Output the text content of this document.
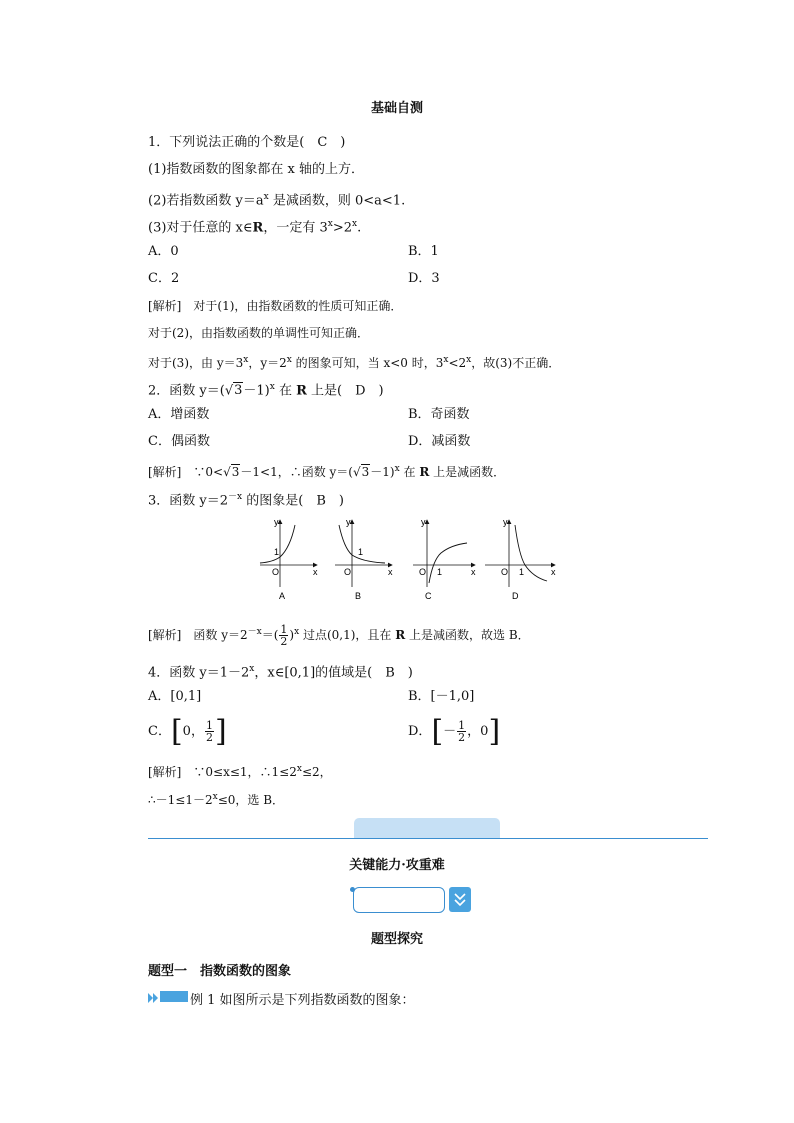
基础自测
1．下列说法正确的个数是(　C　)
(1)指数函数的图象都在 x 轴的上方．
(2)若指数函数 $y=a^x$ 是减函数，则 0<a<1.
(3)对于任意的 x∈R，一定有 $3^x>2^x$.
A．0	B．1
C．2	D．3
[解析]　 对于(1)，由指数函数的性质可知正确．
对于(2)，由指数函数的单调性可知正确．
对于(3)，由 $y=3^x$，$y=2^x$ 的图象可知，当 x<0 时，$3^x<2^x$，故(3)不正确．
2．函数 $y=(√3-1)^x$ 在 R 上是(　D　)
A．增函数	B．奇函数
C．偶函数	D．减函数
[解析]　 ∵0<√3－1<1，∴函数 $y=(√3-1)^x$ 在 R 上是减函数．
3．函数 $y=2^{-x}$ 的图象是(　B　)
y
x
1
O
A
y
x
1
O
B
y
x
1
O
C
y
x
1
O
D
[解析]　 函数 $y=2^{-x}=( \frac{1}{2} )^x$ 过点(0,1)，且在 R 上是减函数，故选 B．
4．函数 $y=1-2^x$，x∈[0,1]的值域是(　B　)
A．[0,1]	B．[－1,0]
C．[0， $\frac{1}{2}$ ]	D．[－ $\frac{1}{2}$ ，0]
[解析]　 ∵0≤x≤1，$\therefore 1\le 2^x\le 2$，
$\therefore-1\le 1-2^x\le 0$，选 B．
关键能力·攻重难
题型探究
题型一　指数函数的图象
例 1 如图所示是下列指数函数的图象：
